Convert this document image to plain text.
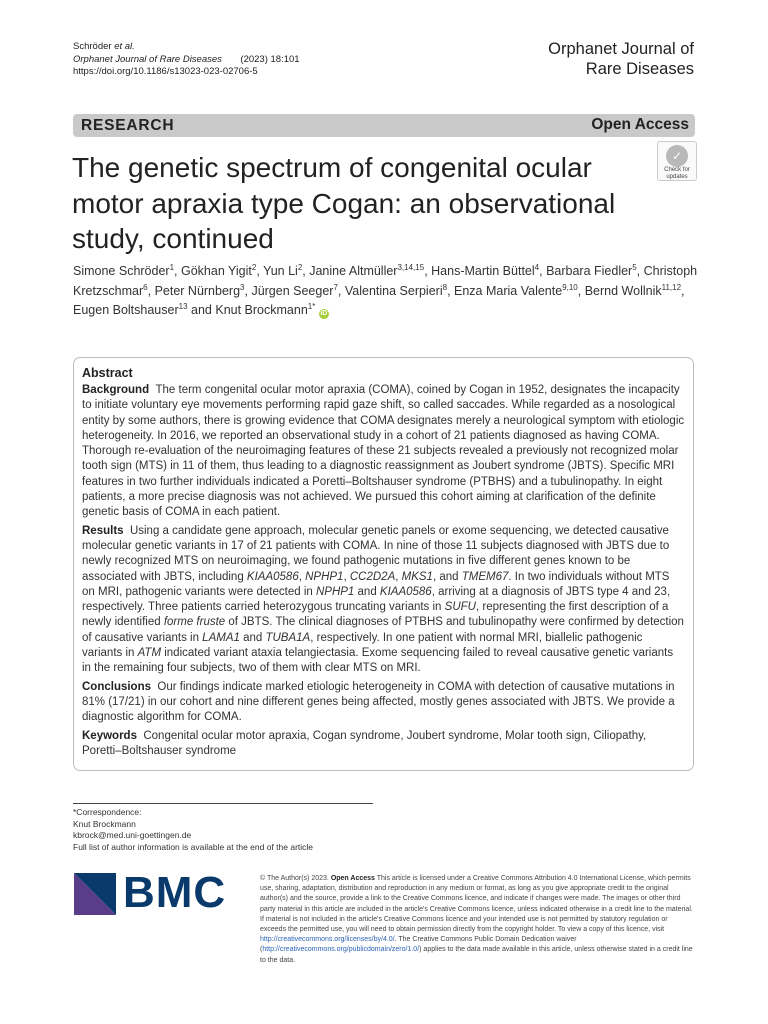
Schröder et al.
Orphanet Journal of Rare Diseases (2023) 18:101
https://doi.org/10.1186/s13023-023-02706-5
Orphanet Journal of
Rare Diseases
RESEARCH	Open Access
The genetic spectrum of congenital ocular motor apraxia type Cogan: an observational study, continued
✓
Check for
updates
Simone Schröder$^1$, Gökhan Yigit$^2$, Yun Li$^2$, Janine Altmüller$^{3,14,15}$, Hans-Martin Büttel$^4$, Barbara Fiedler$^5$, Christoph Kretzschmar$^6$, Peter Nürnberg$^3$, Jürgen Seeger$^7$, Valentina Serpieri$^8$, Enza Maria Valente$^{9,10}$, Bernd Wollnik$^{11,12}$, Eugen Boltshauser$^{13}$ and Knut Brockmann$^{1*}$ iD
Abstract

Background The term congenital ocular motor apraxia (COMA), coined by Cogan in 1952, designates the incapacity to initiate voluntary eye movements performing rapid gaze shift, so called saccades. While regarded as a nosological entity by some authors, there is growing evidence that COMA designates merely a neurological symptom with etiologic heterogeneity. In 2016, we reported an observational study in a cohort of 21 patients diagnosed as having COMA. Thorough re-evaluation of the neuroimaging features of these 21 subjects revealed a previously not recognized molar tooth sign (MTS) in 11 of them, thus leading to a diagnostic reassignment as Joubert syndrome (JBTS). Specific MRI features in two further individuals indicated a Poretti–Boltshauser syndrome (PTBHS) and a tubulinopathy. In eight patients, a more precise diagnosis was not achieved. We pursued this cohort aiming at clarification of the definite genetic basis of COMA in each patient.

Results Using a candidate gene approach, molecular genetic panels or exome sequencing, we detected causative molecular genetic variants in 17 of 21 patients with COMA. In nine of those 11 subjects diagnosed with JBTS due to newly recognized MTS on neuroimaging, we found pathogenic mutations in five different genes known to be associated with JBTS, including KIAA0586, NPHP1, CC2D2A, MKS1, and TMEM67. In two individuals without MTS on MRI, pathogenic variants were detected in NPHP1 and KIAA0586, arriving at a diagnosis of JBTS type 4 and 23, respectively. Three patients carried heterozygous truncating variants in SUFU, representing the first description of a newly identified forme fruste of JBTS. The clinical diagnoses of PTBHS and tubulinopathy were confirmed by detection of causative variants in LAMA1 and TUBA1A, respectively. In one patient with normal MRI, biallelic pathogenic variants in ATM indicated variant ataxia telangiectasia. Exome sequencing failed to reveal causative genetic variants in the remaining four subjects, two of them with clear MTS on MRI.

Conclusions Our findings indicate marked etiologic heterogeneity in COMA with detection of causative mutations in 81% (17/21) in our cohort and nine different genes being affected, mostly genes associated with JBTS. We provide a diagnostic algorithm for COMA.

Keywords Congenital ocular motor apraxia, Cogan syndrome, Joubert syndrome, Molar tooth sign, Ciliopathy, Poretti–Boltshauser syndrome

*Correspondence:
Knut Brockmann
kbrock@med.uni-goettingen.de
Full list of author information is available at the end of the article
BMC	© The Author(s) 2023. Open Access This article is licensed under a Creative Commons Attribution 4.0 International License, which permits use, sharing, adaptation, distribution and reproduction in any medium or format, as long as you give appropriate credit to the original author(s) and the source, provide a link to the Creative Commons licence, and indicate if changes were made. The images or other third party material in this article are included in the article's Creative Commons licence, unless indicated otherwise in a credit line to the material. If material is not included in the article's Creative Commons licence and your intended use is not permitted by statutory regulation or exceeds the permitted use, you will need to obtain permission directly from the copyright holder. To view a copy of this licence, visit http://creativecommons.org/licenses/by/4.0/. The Creative Commons Public Domain Dedication waiver (http://creativecommons.org/publicdomain/zero/1.0/) applies to the data made available in this article, unless otherwise stated in a credit line to the data.
